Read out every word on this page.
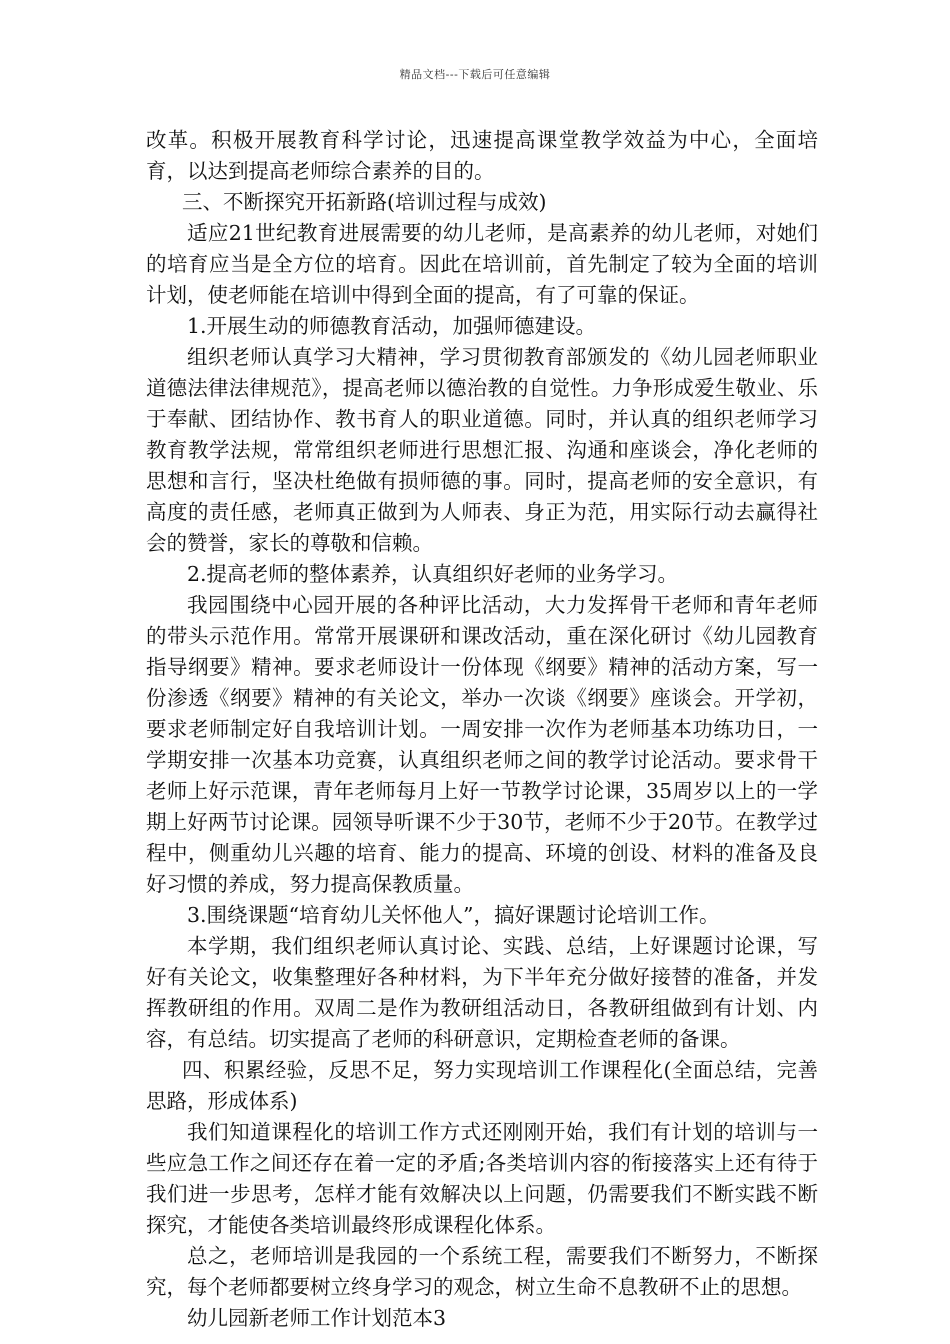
精品文档---下载后可任意编辑

改革。积极开展教育科学讨论，迅速提高课堂教学效益为中心，全面培育，以达到提高老师综合素养的目的。

三、不断探究开拓新路(培训过程与成效)

适应21世纪教育进展需要的幼儿老师，是高素养的幼儿老师，对她们的培育应当是全方位的培育。因此在培训前，首先制定了较为全面的培训计划，使老师能在培训中得到全面的提高，有了可靠的保证。

1.开展生动的师德教育活动，加强师德建设。

组织老师认真学习大精神，学习贯彻教育部颁发的《幼儿园老师职业道德法律法律规范》，提高老师以德治教的自觉性。力争形成爱生敬业、乐于奉献、团结协作、教书育人的职业道德。同时，并认真的组织老师学习教育教学法规，常常组织老师进行思想汇报、沟通和座谈会，净化老师的思想和言行，坚决杜绝做有损师德的事。同时，提高老师的安全意识，有高度的责任感，老师真正做到为人师表、身正为范，用实际行动去赢得社会的赞誉，家长的尊敬和信赖。

2.提高老师的整体素养，认真组织好老师的业务学习。

我园围绕中心园开展的各种评比活动，大力发挥骨干老师和青年老师的带头示范作用。常常开展课研和课改活动，重在深化研讨《幼儿园教育指导纲要》精神。要求老师设计一份体现《纲要》精神的活动方案，写一份渗透《纲要》精神的有关论文，举办一次谈《纲要》座谈会。开学初，要求老师制定好自我培训计划。一周安排一次作为老师基本功练功日，一学期安排一次基本功竞赛，认真组织老师之间的教学讨论活动。要求骨干老师上好示范课，青年老师每月上好一节教学讨论课，35周岁以上的一学期上好两节讨论课。园领导听课不少于30节，老师不少于20节。在教学过程中，侧重幼儿兴趣的培育、能力的提高、环境的创设、材料的准备及良好习惯的养成，努力提高保教质量。

3.围绕课题“培育幼儿关怀他人”，搞好课题讨论培训工作。

本学期，我们组织老师认真讨论、实践、总结，上好课题讨论课，写好有关论文，收集整理好各种材料，为下半年充分做好接替的准备，并发挥教研组的作用。双周二是作为教研组活动日，各教研组做到有计划、内容，有总结。切实提高了老师的科研意识，定期检查老师的备课。

四、积累经验，反思不足，努力实现培训工作课程化(全面总结，完善思路，形成体系)

我们知道课程化的培训工作方式还刚刚开始，我们有计划的培训与一些应急工作之间还存在着一定的矛盾;各类培训内容的衔接落实上还有待于我们进一步思考，怎样才能有效解决以上问题，仍需要我们不断实践不断探究，才能使各类培训最终形成课程化体系。

总之，老师培训是我园的一个系统工程，需要我们不断努力，不断探究，每个老师都要树立终身学习的观念，树立生命不息教研不止的思想。

幼儿园新老师工作计划范本3
